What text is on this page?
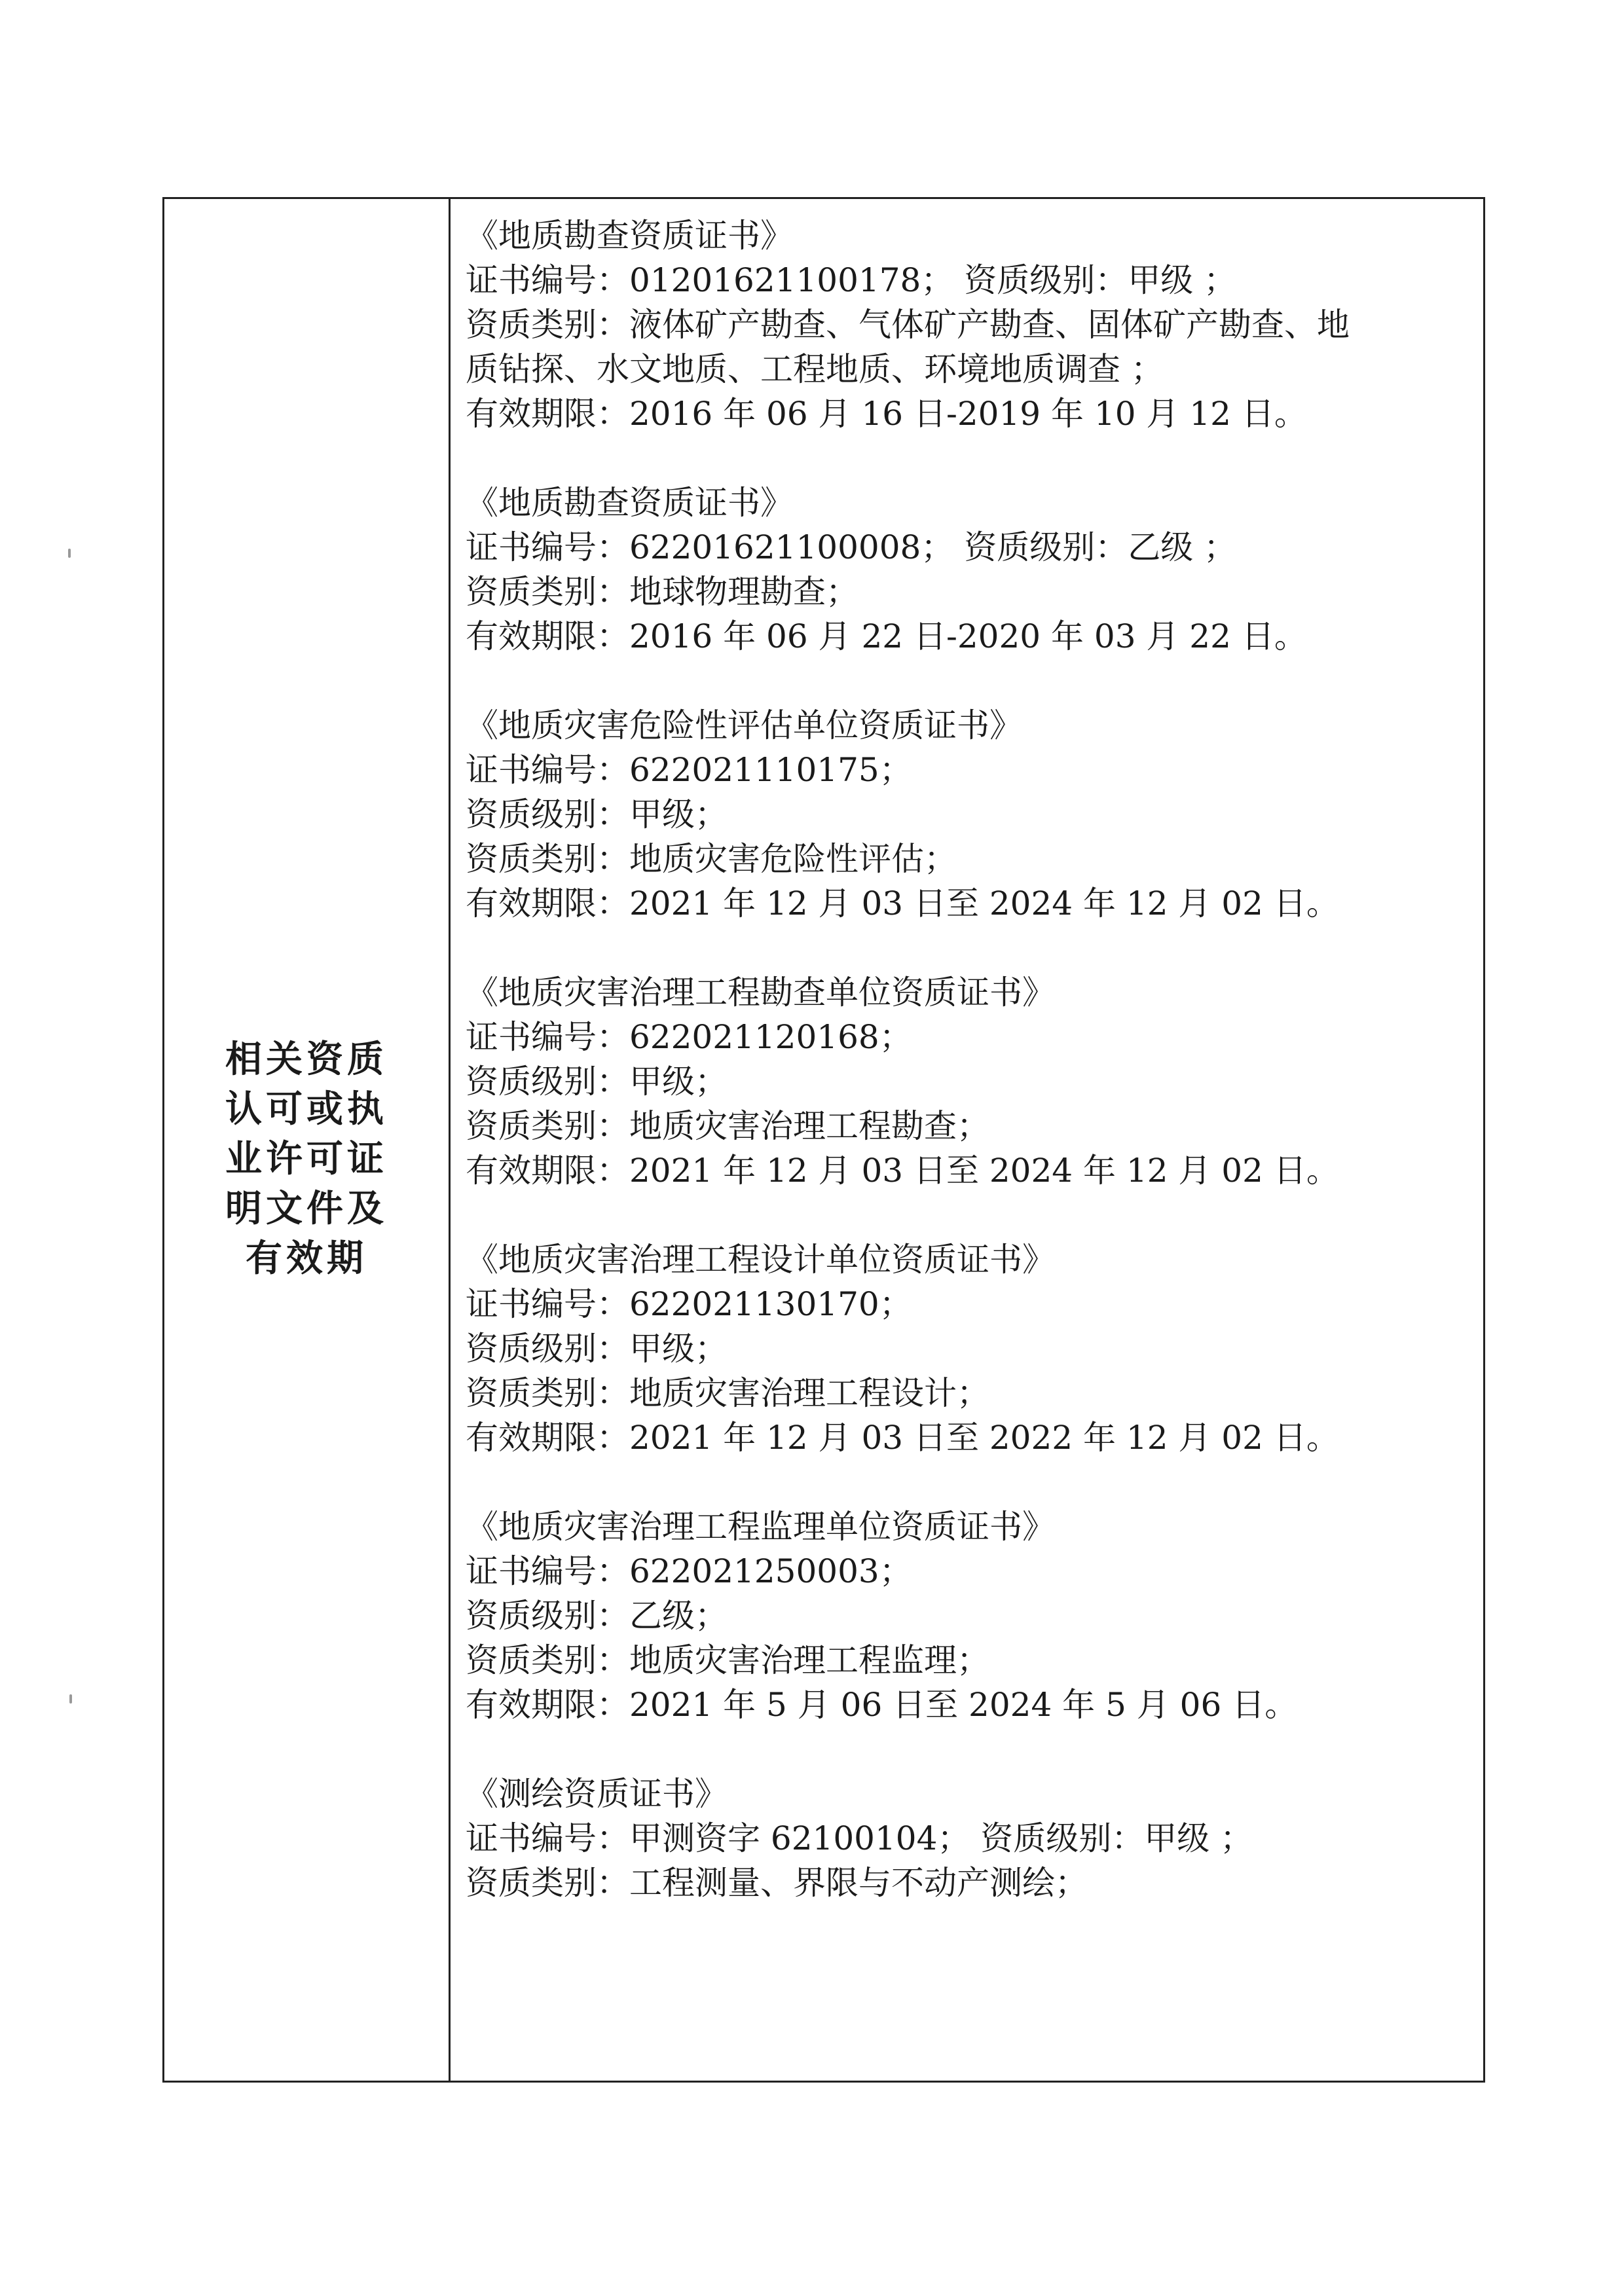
相关资质
认可或执
业许可证
明文件及
有效期
《地质勘查资质证书》
证书编号：01201621100178； 资质级别：甲级 ；
资质类别：液体矿产勘查、气体矿产勘查、固体矿产勘查、地
质钻探、水文地质、工程地质、环境地质调查 ；
有效期限：2016 年 06 月 16 日-2019 年 10 月 12 日。
《地质勘查资质证书》
证书编号：62201621100008； 资质级别：乙级 ；
资质类别：地球物理勘查；
有效期限：2016 年 06 月 22 日-2020 年 03 月 22 日。
《地质灾害危险性评估单位资质证书》
证书编号：622021110175；
资质级别：甲级；
资质类别：地质灾害危险性评估；
有效期限：2021 年 12 月 03 日至 2024 年 12 月 02 日。
《地质灾害治理工程勘查单位资质证书》
证书编号：622021120168；
资质级别：甲级；
资质类别：地质灾害治理工程勘查；
有效期限：2021 年 12 月 03 日至 2024 年 12 月 02 日。
《地质灾害治理工程设计单位资质证书》
证书编号：622021130170；
资质级别：甲级；
资质类别：地质灾害治理工程设计；
有效期限：2021 年 12 月 03 日至 2022 年 12 月 02 日。
《地质灾害治理工程监理单位资质证书》
证书编号：622021250003；
资质级别：乙级；
资质类别：地质灾害治理工程监理；
有效期限：2021 年 5 月 06 日至 2024 年 5 月 06 日。
《测绘资质证书》
证书编号：甲测资字 62100104； 资质级别：甲级 ；
资质类别：工程测量、界限与不动产测绘；
